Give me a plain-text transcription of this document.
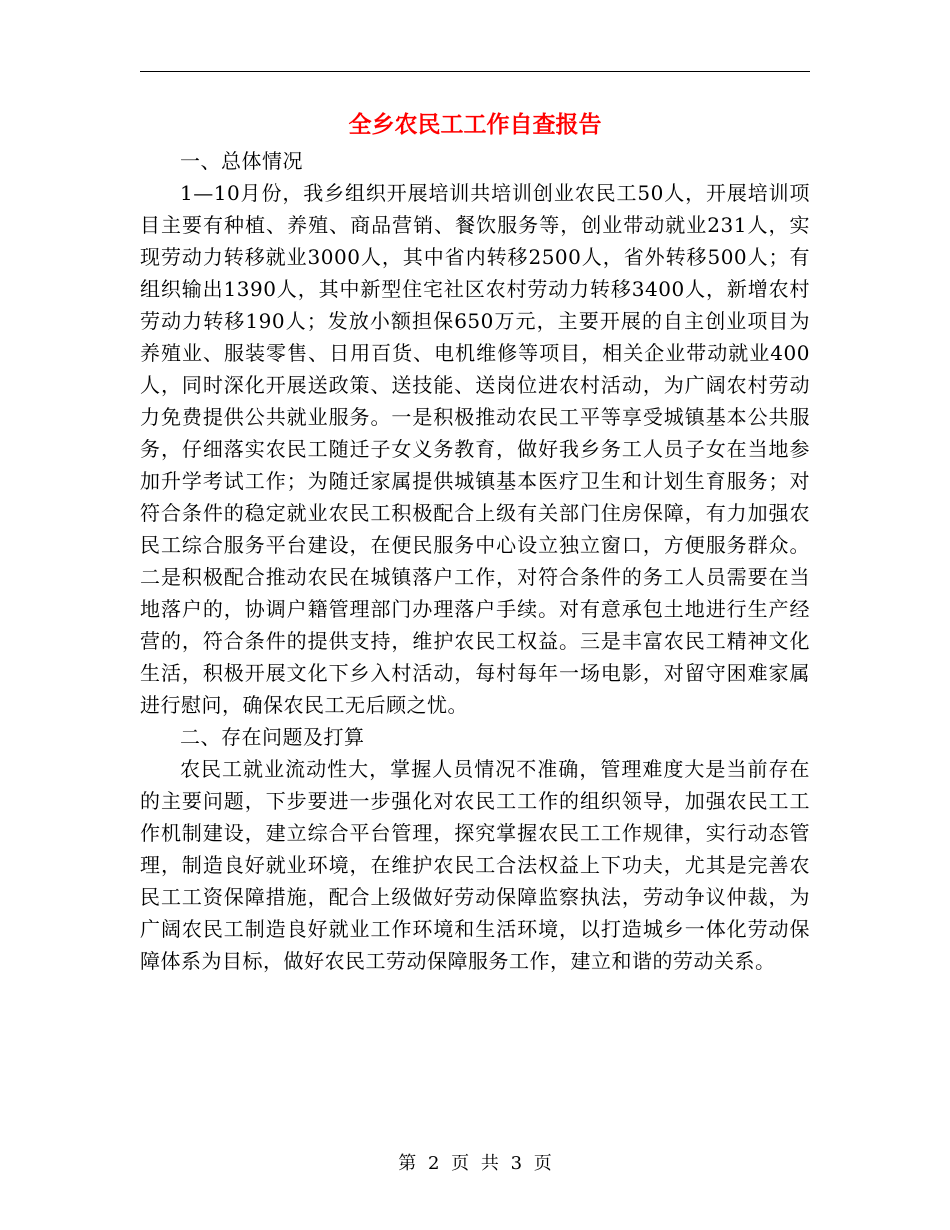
全乡农民工工作自查报告

一、总体情况

1—10月份，我乡组织开展培训共培训创业农民工50人，开展培训项目主要有种植、养殖、商品营销、餐饮服务等，创业带动就业231人，实现劳动力转移就业3000人，其中省内转移2500人，省外转移500人；有组织输出1390人，其中新型住宅社区农村劳动力转移3400人，新增农村劳动力转移190人；发放小额担保650万元，主要开展的自主创业项目为养殖业、服装零售、日用百货、电机维修等项目，相关企业带动就业400人，同时深化开展送政策、送技能、送岗位进农村活动，为广阔农村劳动力免费提供公共就业服务。一是积极推动农民工平等享受城镇基本公共服务，仔细落实农民工随迁子女义务教育，做好我乡务工人员子女在当地参加升学考试工作；为随迁家属提供城镇基本医疗卫生和计划生育服务；对符合条件的稳定就业农民工积极配合上级有关部门住房保障，有力加强农民工综合服务平台建设，在便民服务中心设立独立窗口，方便服务群众。二是积极配合推动农民在城镇落户工作，对符合条件的务工人员需要在当地落户的，协调户籍管理部门办理落户手续。对有意承包土地进行生产经营的，符合条件的提供支持，维护农民工权益。三是丰富农民工精神文化生活，积极开展文化下乡入村活动，每村每年一场电影，对留守困难家属进行慰问，确保农民工无后顾之忧。

二、存在问题及打算

农民工就业流动性大，掌握人员情况不准确，管理难度大是当前存在的主要问题，下步要进一步强化对农民工工作的组织领导，加强农民工工作机制建设，建立综合平台管理，探究掌握农民工工作规律，实行动态管理，制造良好就业环境，在维护农民工合法权益上下功夫，尤其是完善农民工工资保障措施，配合上级做好劳动保障监察执法，劳动争议仲裁，为广阔农民工制造良好就业工作环境和生活环境，以打造城乡一体化劳动保障体系为目标，做好农民工劳动保障服务工作，建立和谐的劳动关系。

第 2 页 共 3 页
